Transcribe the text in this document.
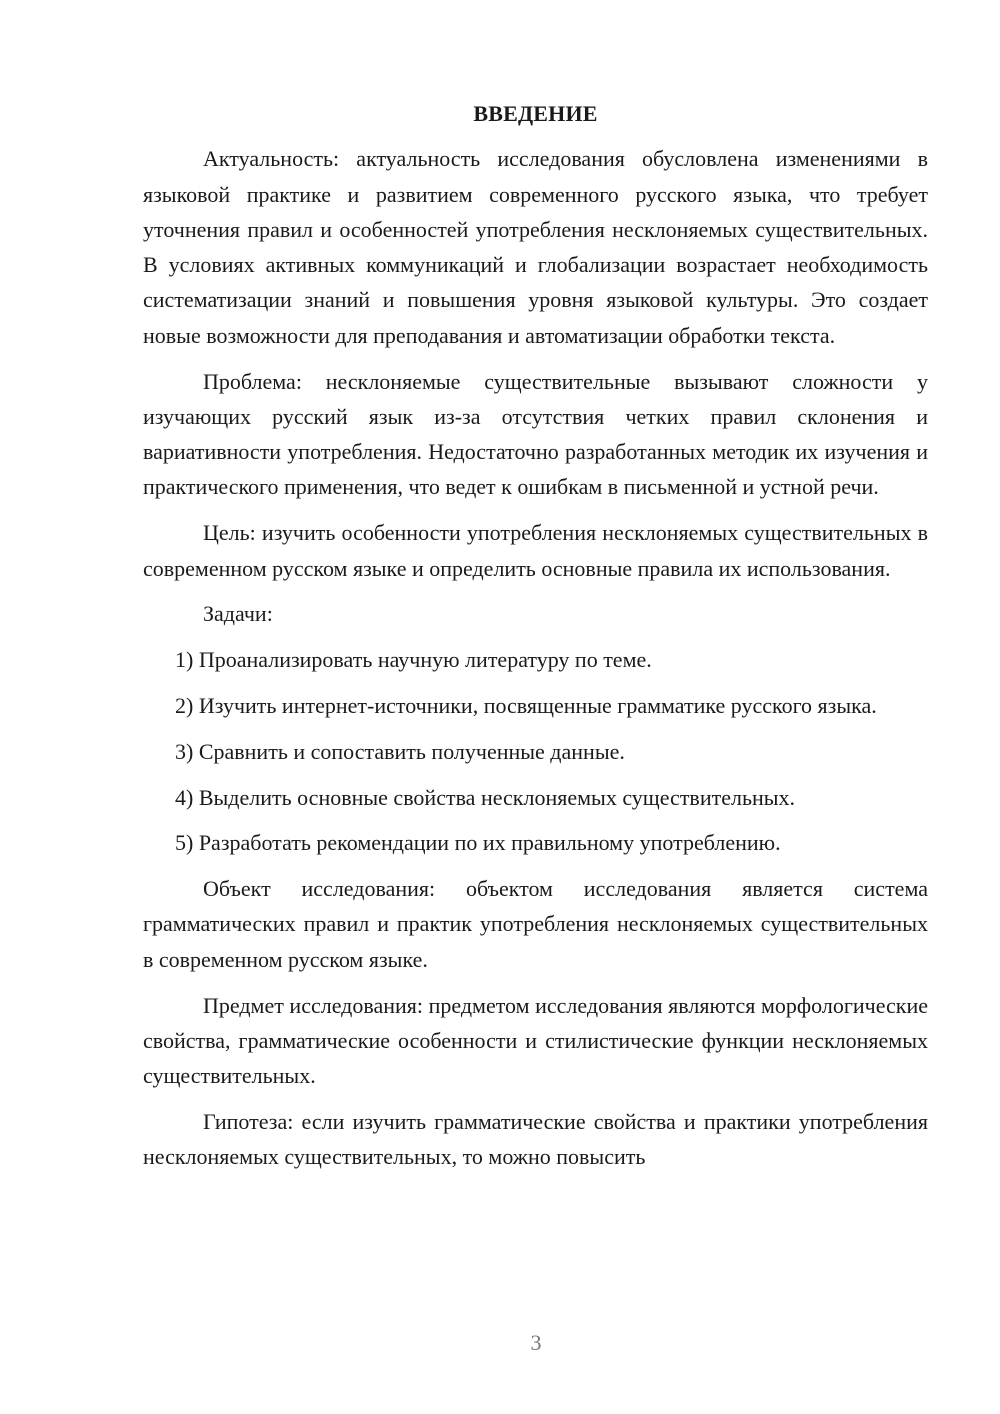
ВВЕДЕНИЕ

Актуальность: актуальность исследования обусловлена изменениями в языковой практике и развитием современного русского языка, что требует уточнения правил и особенностей употребления несклоняемых существительных. В условиях активных коммуникаций и глобализации возрастает необходимость систематизации знаний и повышения уровня языковой культуры. Это создает новые возможности для преподавания и автоматизации обработки текста.

Проблема: несклоняемые существительные вызывают сложности у изучающих русский язык из-за отсутствия четких правил склонения и вариативности употребления. Недостаточно разработанных методик их изучения и практического применения, что ведет к ошибкам в письменной и устной речи.

Цель: изучить особенности употребления несклоняемых существительных в современном русском языке и определить основные правила их использования.

Задачи:

1) Проанализировать научную литературу по теме.

2) Изучить интернет-источники, посвященные грамматике русского языка.

3) Сравнить и сопоставить полученные данные.

4) Выделить основные свойства несклоняемых существительных.

5) Разработать рекомендации по их правильному употреблению.

Объект исследования: объектом исследования является система грамматических правил и практик употребления несклоняемых существительных в современном русском языке.

Предмет исследования: предметом исследования являются морфологические свойства, грамматические особенности и стилистические функции несклоняемых существительных.

Гипотеза: если изучить грамматические свойства и практики употребления несклоняемых существительных, то можно повысить

3
